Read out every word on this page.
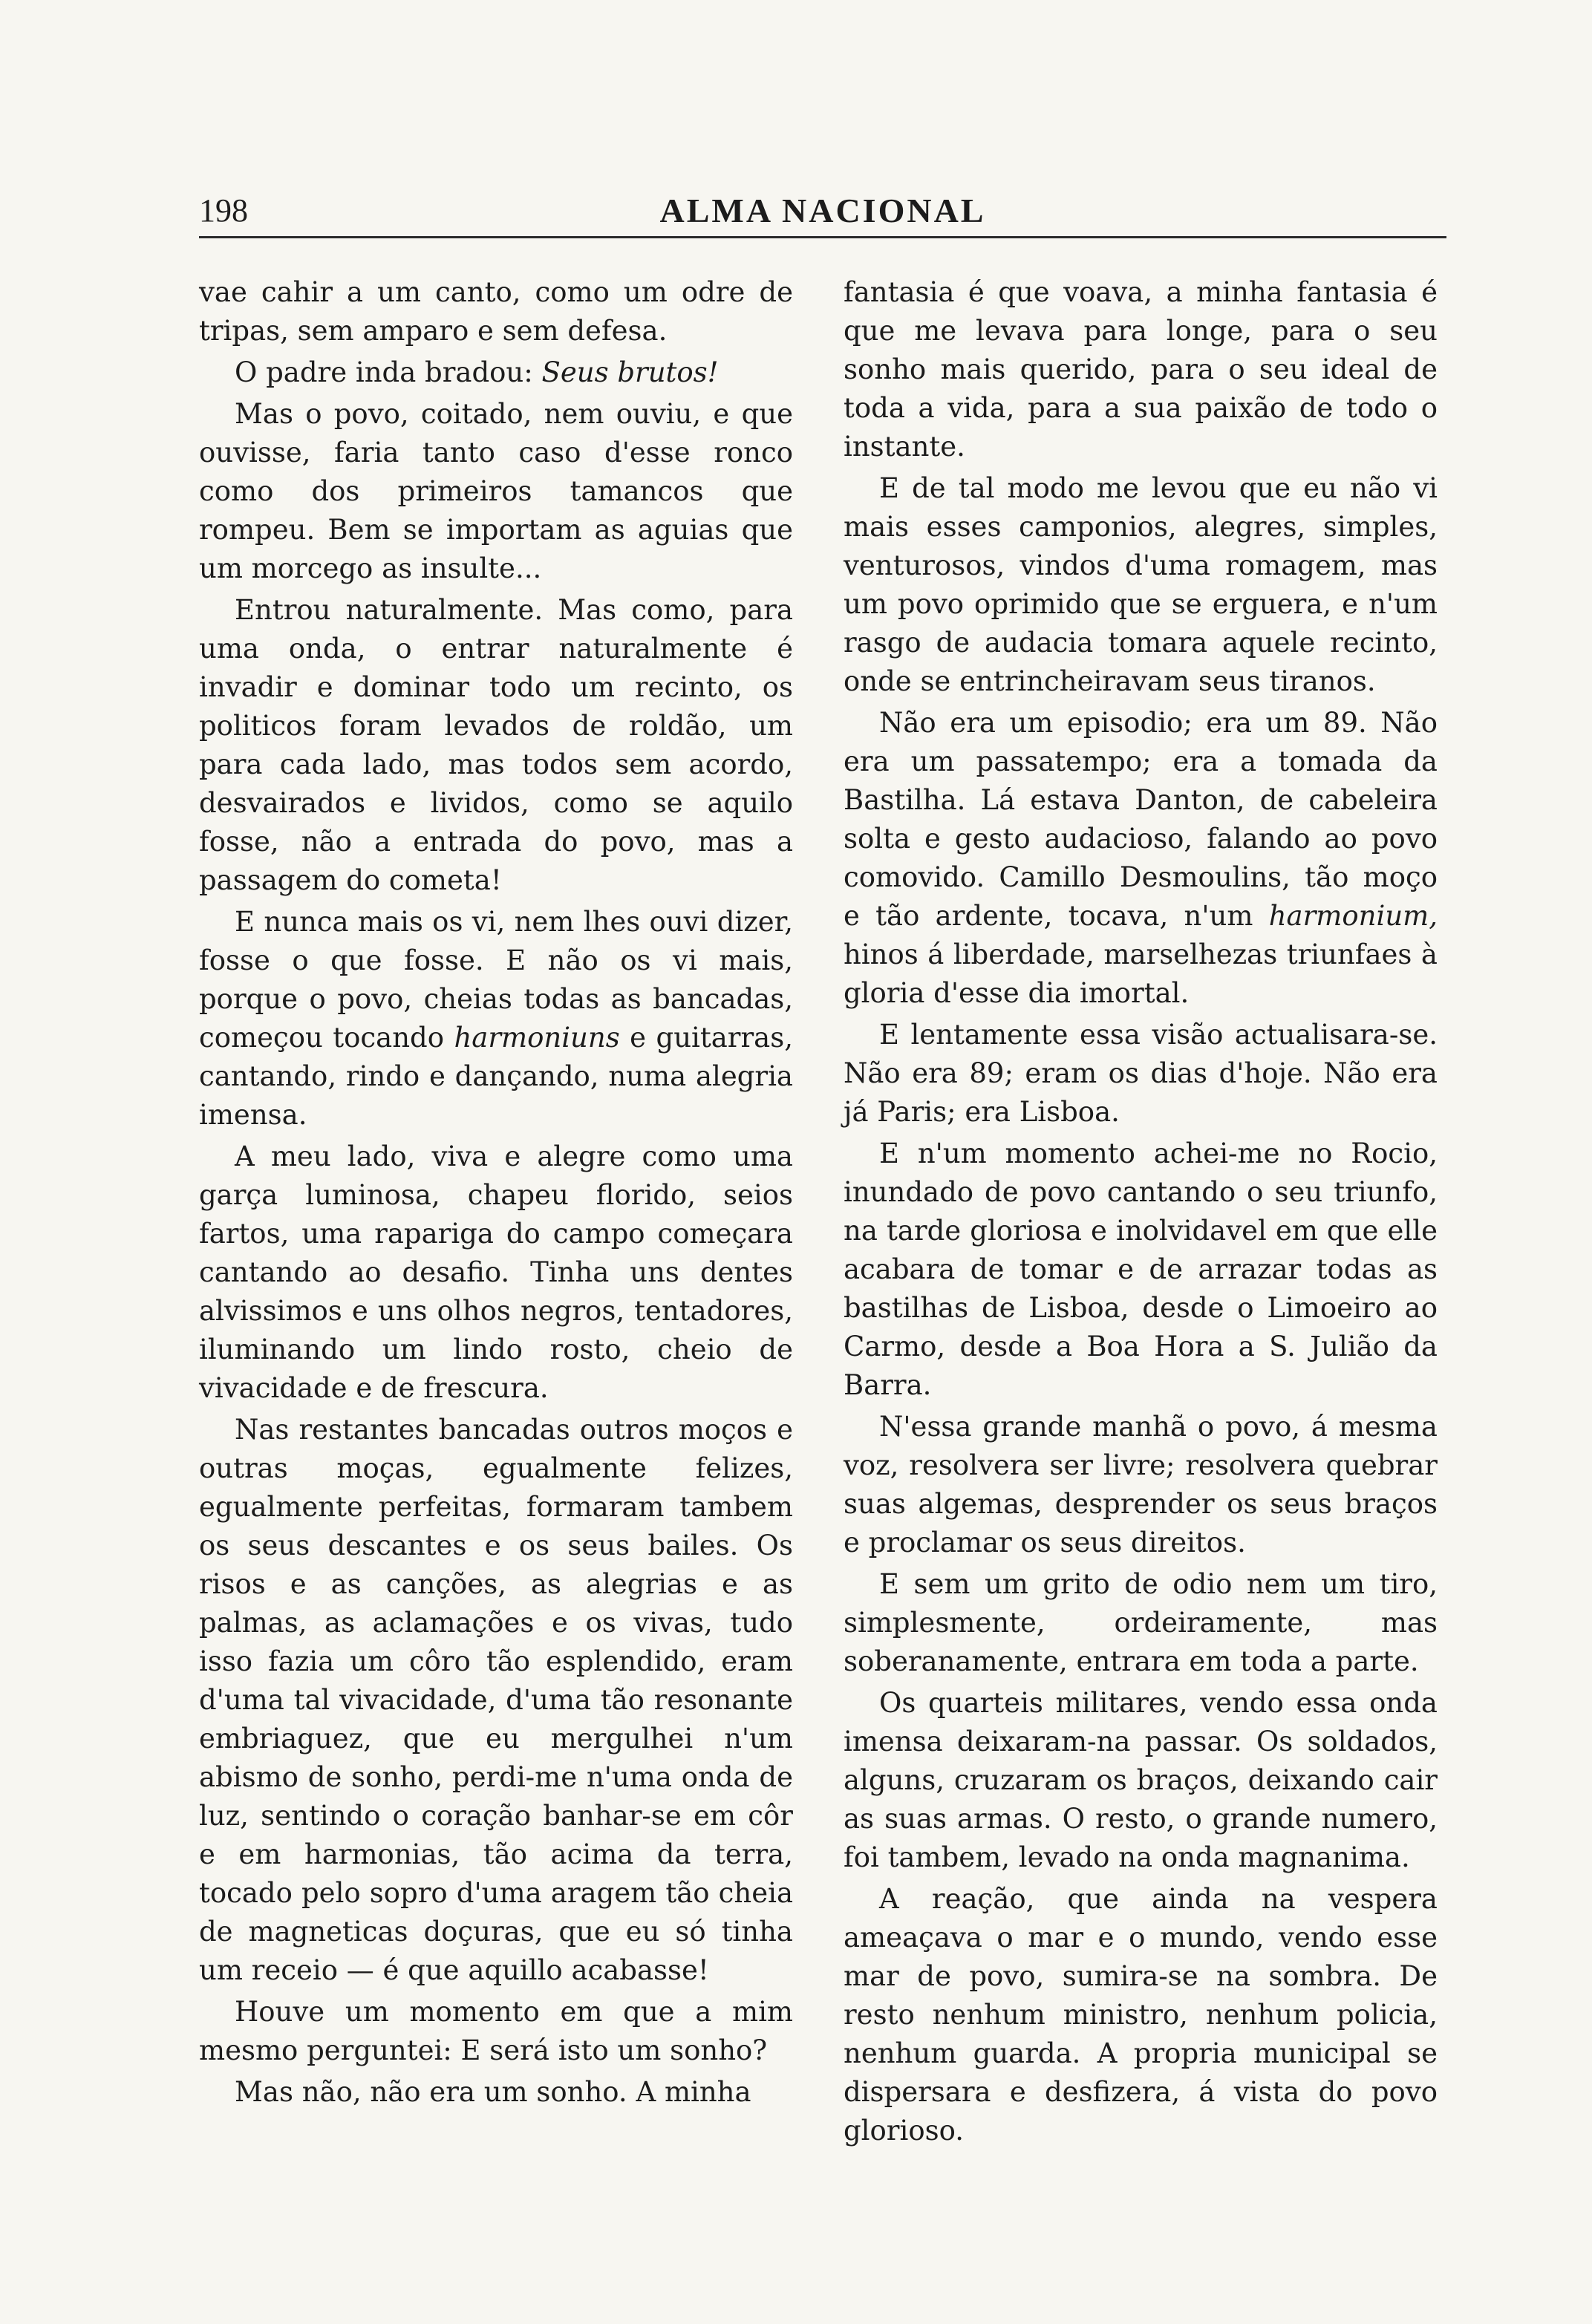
198	ALMA NACIONAL

vae cahir a um canto, como um odre de tripas, sem amparo e sem defesa.

O padre inda bradou: Seus brutos!

Mas o povo, coitado, nem ouviu, e que ouvisse, faria tanto caso d'esse ronco como dos primeiros tamancos que rompeu. Bem se importam as aguias que um morcego as insulte...

Entrou naturalmente. Mas como, para uma onda, o entrar naturalmente é invadir e dominar todo um recinto, os politicos foram levados de roldão, um para cada lado, mas todos sem acordo, desvairados e lividos, como se aquilo fosse, não a entrada do povo, mas a passagem do cometa!

E nunca mais os vi, nem lhes ouvi dizer, fosse o que fosse. E não os vi mais, porque o povo, cheias todas as bancadas, começou tocando harmoniuns e guitarras, cantando, rindo e dançando, numa alegria imensa.

A meu lado, viva e alegre como uma garça luminosa, chapeu florido, seios fartos, uma rapariga do campo começara cantando ao desafio. Tinha uns dentes alvissimos e uns olhos negros, tentadores, iluminando um lindo rosto, cheio de vivacidade e de frescura.

Nas restantes bancadas outros moços e outras moças, egualmente felizes, egualmente perfeitas, formaram tambem os seus descantes e os seus bailes. Os risos e as canções, as alegrias e as palmas, as aclamações e os vivas, tudo isso fazia um côro tão esplendido, eram d'uma tal vivacidade, d'uma tão resonante embriaguez, que eu mergulhei n'um abismo de sonho, perdi-me n'uma onda de luz, sentindo o coração banhar-se em côr e em harmonias, tão acima da terra, tocado pelo sopro d'uma aragem tão cheia de magneticas doçuras, que eu só tinha um receio — é que aquillo acabasse!

Houve um momento em que a mim mesmo perguntei: E será isto um sonho?

Mas não, não era um sonho. A minha

fantasia é que voava, a minha fantasia é que me levava para longe, para o seu sonho mais querido, para o seu ideal de toda a vida, para a sua paixão de todo o instante.

E de tal modo me levou que eu não vi mais esses camponios, alegres, simples, venturosos, vindos d'uma romagem, mas um povo oprimido que se erguera, e n'um rasgo de audacia tomara aquele recinto, onde se entrincheiravam seus tiranos.

Não era um episodio; era um 89. Não era um passatempo; era a tomada da Bastilha. Lá estava Danton, de cabeleira solta e gesto audacioso, falando ao povo comovido. Camillo Desmoulins, tão moço e tão ardente, tocava, n'um harmonium, hinos á liberdade, marselhezas triunfaes à gloria d'esse dia imortal.

E lentamente essa visão actualisara-se. Não era 89; eram os dias d'hoje. Não era já Paris; era Lisboa.

E n'um momento achei-me no Rocio, inundado de povo cantando o seu triunfo, na tarde gloriosa e inolvidavel em que elle acabara de tomar e de arrazar todas as bastilhas de Lisboa, desde o Limoeiro ao Carmo, desde a Boa Hora a S. Julião da Barra.

N'essa grande manhã o povo, á mesma voz, resolvera ser livre; resolvera quebrar suas algemas, desprender os seus braços e proclamar os seus direitos.

E sem um grito de odio nem um tiro, simplesmente, ordeiramente, mas soberanamente, entrara em toda a parte.

Os quarteis militares, vendo essa onda imensa deixaram-na passar. Os soldados, alguns, cruzaram os braços, deixando cair as suas armas. O resto, o grande numero, foi tambem, levado na onda magnanima.

A reação, que ainda na vespera ameaçava o mar e o mundo, vendo esse mar de povo, sumira-se na sombra. De resto nenhum ministro, nenhum policia, nenhum guarda. A propria municipal se dispersara e desfizera, á vista do povo glorioso.
